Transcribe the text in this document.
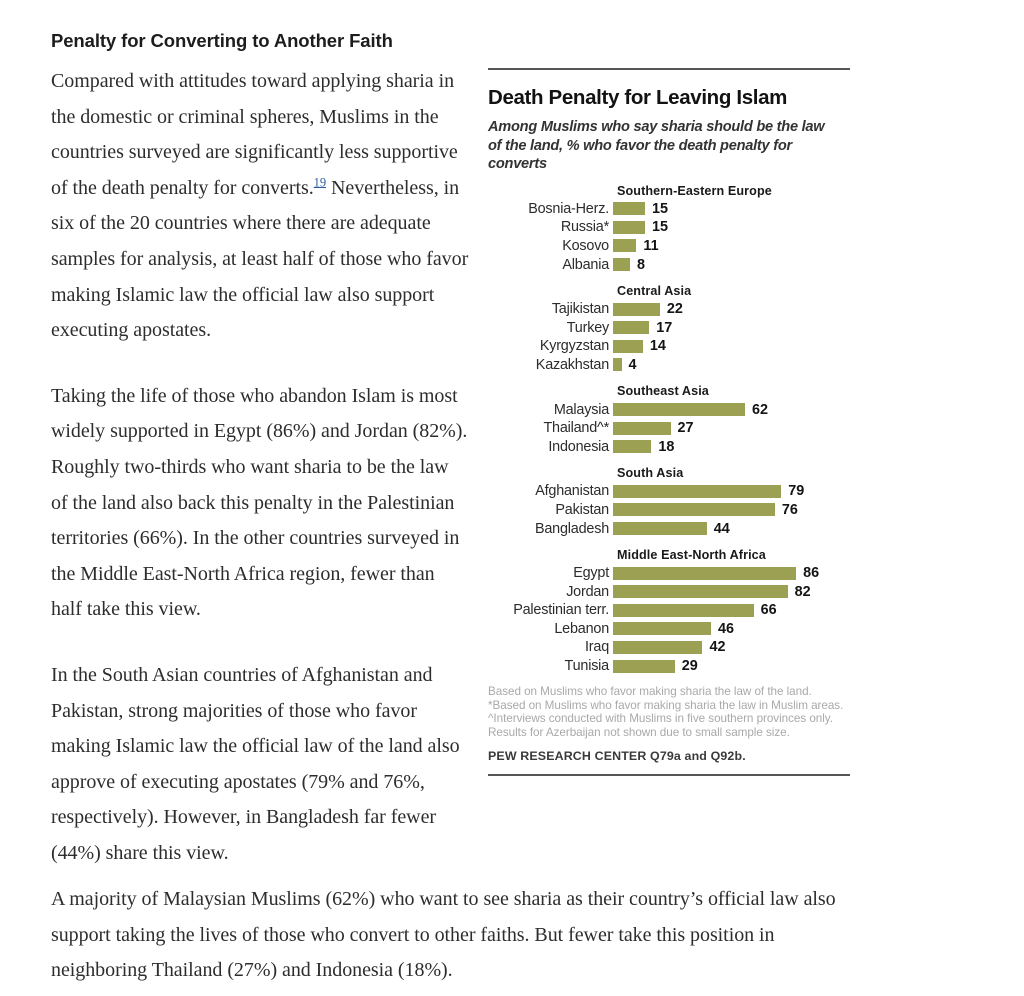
Penalty for Converting to Another Faith

Compared with attitudes toward applying sharia in the domestic or criminal spheres, Muslims in the countries surveyed are significantly less supportive of the death penalty for converts.$^{19}$ Nevertheless, in six of the 20 countries where there are adequate samples for analysis, at least half of those who favor making Islamic law the official law also support executing apostates.

Taking the life of those who abandon Islam is most widely supported in Egypt (86%) and Jordan (82%). Roughly two-thirds who want sharia to be the law of the land also back this penalty in the Palestinian territories (66%). In the other countries surveyed in the Middle East-North Africa region, fewer than half take this view.

In the South Asian countries of Afghanistan and Pakistan, strong majorities of those who favor making Islamic law the official law of the land also approve of executing apostates (79% and 76%, respectively). However, in Bangladesh far fewer (44%) share this view.

A majority of Malaysian Muslims (62%) who want to see sharia as their country’s official law also support taking the lives of those who convert to other faiths. But fewer take this position in neighboring Thailand (27%) and Indonesia (18%).

Death Penalty for Leaving Islam
Among Muslims who say sharia should be the law of the land, % who favor the death penalty for converts
Southern-Eastern Europe
Bosnia-Herz.	15
Russia*	15
Kosovo 11
Albania 8
Central Asia
Tajikistan	22
Turkey	17
Kyrgyzstan	14
Kazakhstan 4
Southeast Asia
Malaysia	62
Thailand^*	27
Indonesia	18
South Asia
Afghanistan	79
Pakistan	76
Bangladesh	44
Middle East-North Africa
Egypt	86
Jordan	82
Palestinian terr.	66
Lebanon	46
Iraq	42
Tunisia	29
Based on Muslims who favor making sharia the law of the land.
*Based on Muslims who favor making sharia the law in Muslim areas.
^Interviews conducted with Muslims in five southern provinces only.
Results for Azerbaijan not shown due to small sample size.
PEW RESEARCH CENTER Q79a and Q92b.
